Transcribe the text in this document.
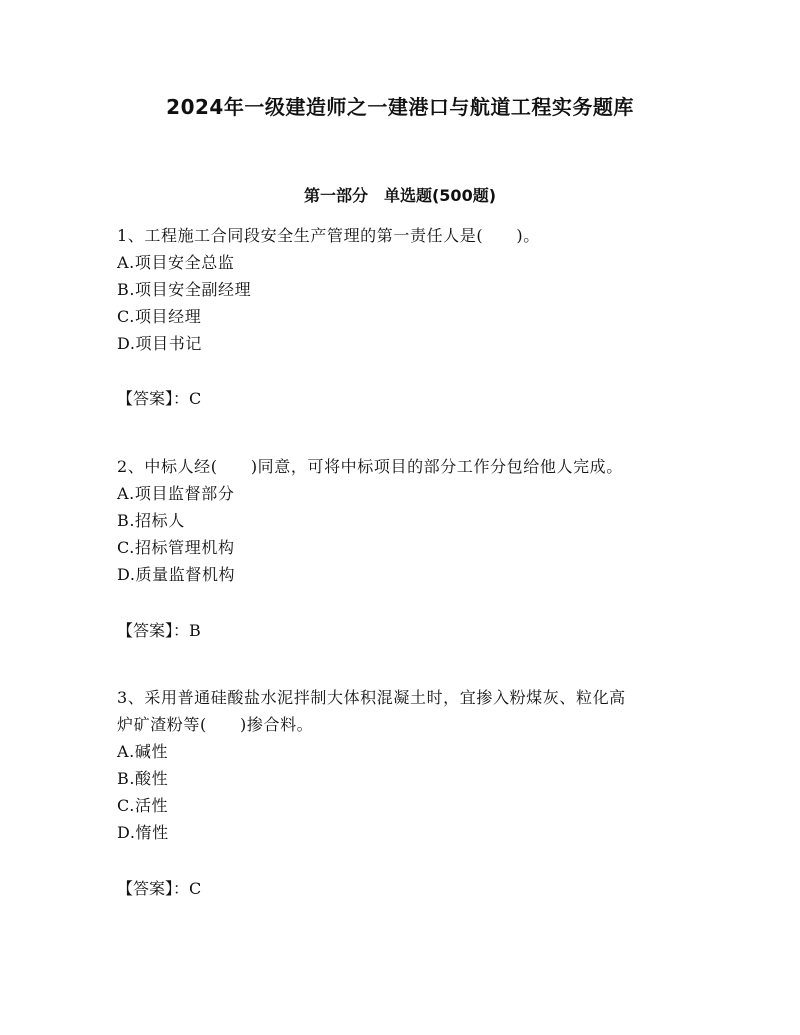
2024年一级建造师之一建港口与航道工程实务题库
第一部分　单选题(500题)
1、工程施工合同段安全生产管理的第一责任人是(　　)。
A.项目安全总监
B.项目安全副经理
C.项目经理
D.项目书记
【答案】：C
2、中标人经(　　)同意，可将中标项目的部分工作分包给他人完成。
A.项目监督部分
B.招标人
C.招标管理机构
D.质量监督机构
【答案】：B
3、采用普通硅酸盐水泥拌制大体积混凝土时，宜掺入粉煤灰、粒化高
炉矿渣粉等(　　)掺合料。
A.碱性
B.酸性
C.活性
D.惰性
【答案】：C
